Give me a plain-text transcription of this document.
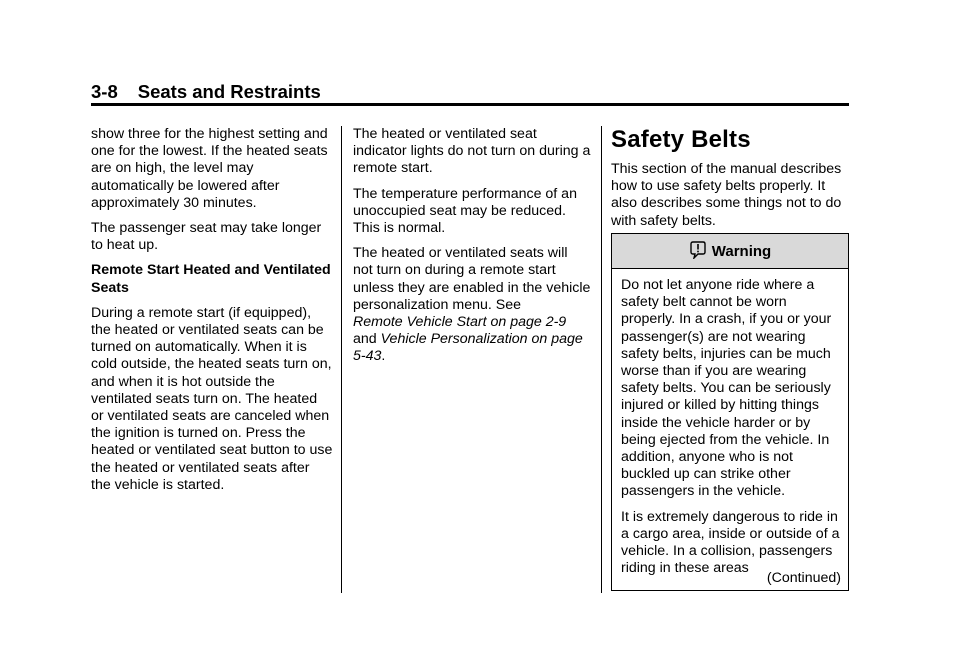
3-8 Seats and Restraints

show three for the highest setting and one for the lowest. If the heated seats are on high, the level may automatically be lowered after approximately 30 minutes.

The passenger seat may take longer to heat up.

Remote Start Heated and Ventilated Seats

During a remote start (if equipped), the heated or ventilated seats can be turned on automatically. When it is cold outside, the heated seats turn on, and when it is hot outside the ventilated seats turn on. The heated or ventilated seats are canceled when the ignition is turned on. Press the heated or ventilated seat button to use the heated or ventilated seats after the vehicle is started.

The heated or ventilated seat indicator lights do not turn on during a remote start.

The temperature performance of an unoccupied seat may be reduced. This is normal.

The heated or ventilated seats will not turn on during a remote start unless they are enabled in the vehicle personalization menu. See
Remote Vehicle Start on page 2-9
and Vehicle Personalization on page 5-43.

Safety Belts

This section of the manual describes how to use safety belts properly. It also describes some things not to do with safety belts.

Warning

Do not let anyone ride where a safety belt cannot be worn properly. In a crash, if you or your passenger(s) are not wearing safety belts, injuries can be much worse than if you are wearing safety belts. You can be seriously injured or killed by hitting things inside the vehicle harder or by being ejected from the vehicle. In addition, anyone who is not buckled up can strike other passengers in the vehicle.

It is extremely dangerous to ride in a cargo area, inside or outside of a vehicle. In a collision, passengers riding in these areas

(Continued)
